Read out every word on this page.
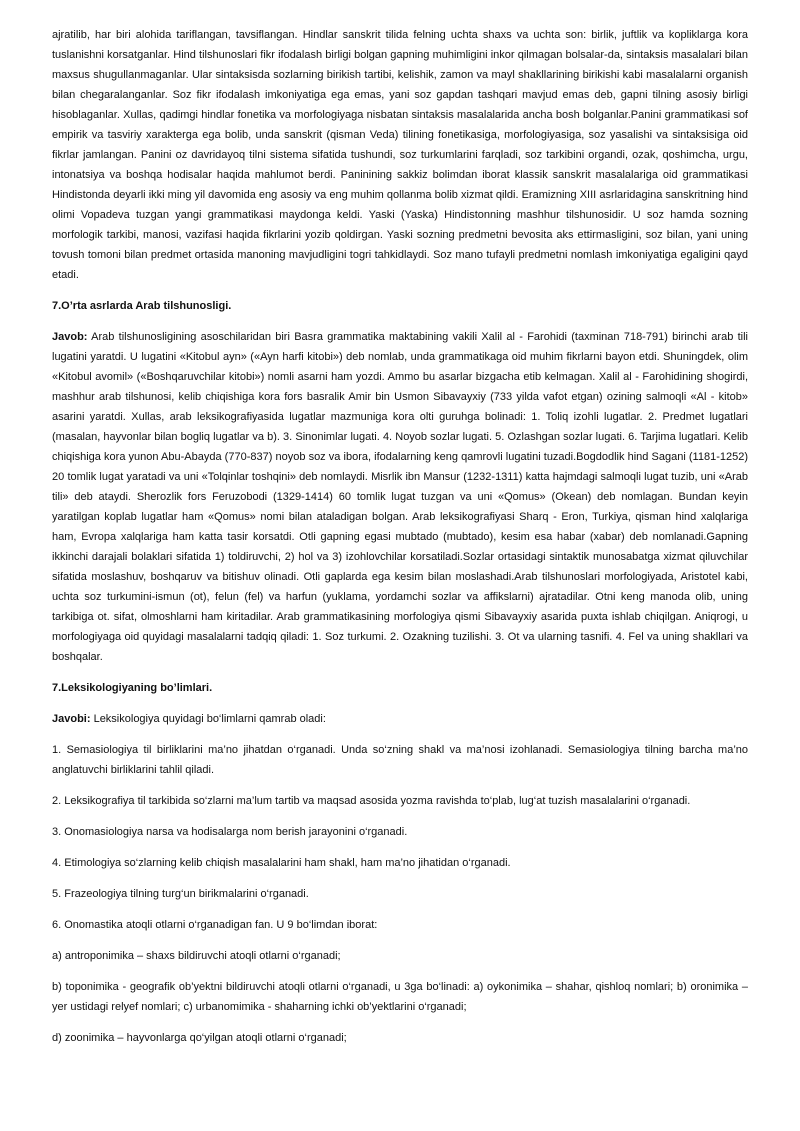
ajratilib, har biri alohida tariflangan, tavsiflangan. Hindlar sanskrit tilida felning uchta shaxs va uchta son: birlik, juftlik va kopliklarga kora tuslanishni korsatganlar. Hind tilshunoslari fikr ifodalash birligi bolgan gapning muhimligini inkor qilmagan bolsalar-da, sintaksis masalalari bilan maxsus shugullanmaganlar. Ular sintaksisda sozlarning birikish tartibi, kelishik, zamon va mayl shakllarining birikishi kabi masalalarni organish bilan chegaralanganlar. Soz fikr ifodalash imkoniyatiga ega emas, yani soz gapdan tashqari mavjud emas deb, gapni tilning asosiy birligi hisoblaganlar. Xullas, qadimgi hindlar fonetika va morfologiyaga nisbatan sintaksis masalalarida ancha bosh bolganlar.Panini grammatikasi sof empirik va tasviriy xarakterga ega bolib, unda sanskrit (qisman Veda) tilining fonetikasiga, morfologiyasiga, soz yasalishi va sintaksisiga oid fikrlar jamlangan. Panini oz davridayoq tilni sistema sifatida tushundi, soz turkumlarini farqladi, soz tarkibini organdi, ozak, qoshimcha, urgu, intonatsiya va boshqa hodisalar haqida mahlumot berdi. Paninining sakkiz bolimdan iborat klassik sanskrit masalalariga oid grammatikasi Hindistonda deyarli ikki ming yil davomida eng asosiy va eng muhim qollanma bolib xizmat qildi. Eramizning XIII asrlaridagina sanskritning hind olimi Vopadeva tuzgan yangi grammatikasi maydonga keldi. Yaski (Yaska) Hindistonning mashhur tilshunosidir. U soz hamda sozning morfologik tarkibi, manosi, vazifasi haqida fikrlarini yozib qoldirgan. Yaski sozning predmetni bevosita aks ettirmasligini, soz bilan, yani uning tovush tomoni bilan predmet ortasida manoning mavjudligini togri tahkidlaydi. Soz mano tufayli predmetni nomlash imkoniyatiga egaligini qayd etadi.

7.O’rta asrlarda Arab tilshunosligi.

Javob: Arab tilshunosligining asoschilaridan biri Basra grammatika maktabining vakili Xalil al - Farohidi (taxminan 718-791) birinchi arab tili lugatini yaratdi. U lugatini «Kitobul ayn» («Ayn harfi kitobi») deb nomlab, unda grammatikaga oid muhim fikrlarni bayon etdi. Shuningdek, olim «Kitobul avomil» («Boshqaruvchilar kitobi») nomli asarni ham yozdi. Ammo bu asarlar bizgacha etib kelmagan. Xalil al - Farohidining shogirdi, mashhur arab tilshunosi, kelib chiqishiga kora fors basralik Amir bin Usmon Sibavayxiy (733 yilda vafot etgan) ozining salmoqli «Al - kitob» asarini yaratdi. Xullas, arab leksikografiyasida lugatlar mazmuniga kora olti guruhga bolinadi: 1. Toliq izohli lugatlar. 2. Predmet lugatlari (masalan, hayvonlar bilan bogliq lugatlar va b). 3. Sinonimlar lugati. 4. Noyob sozlar lugati. 5. Ozlashgan sozlar lugati. 6. Tarjima lugatlari. Kelib chiqishiga kora yunon Abu-Abayda (770-837) noyob soz va ibora, ifodalarning keng qamrovli lugatini tuzadi.Bogdodlik hind Sagani (1181-1252) 20 tomlik lugat yaratadi va uni «Tolqinlar toshqini» deb nomlaydi. Misrlik ibn Mansur (1232-1311) katta hajmdagi salmoqli lugat tuzib, uni «Arab tili» deb ataydi. Sherozlik fors Feruzobodi (1329-1414) 60 tomlik lugat tuzgan va uni «Qomus» (Okean) deb nomlagan. Bundan keyin yaratilgan koplab lugatlar ham «Qomus» nomi bilan ataladigan bolgan. Arab leksikografiyasi Sharq - Eron, Turkiya, qisman hind xalqlariga ham, Evropa xalqlariga ham katta tasir korsatdi. Otli gapning egasi mubtado (mubtado), kesim esa habar (xabar) deb nomlanadi.Gapning ikkinchi darajali bolaklari sifatida 1) toldiruvchi, 2) hol va 3) izohlovchilar korsatiladi.Sozlar ortasidagi sintaktik munosabatga xizmat qiluvchilar sifatida moslashuv, boshqaruv va bitishuv olinadi. Otli gaplarda ega kesim bilan moslashadi.Arab tilshunoslari morfologiyada, Aristotel kabi, uchta soz turkumini-ismun (ot), felun (fel) va harfun (yuklama, yordamchi sozlar va affikslarni) ajratadilar. Otni keng manoda olib, uning tarkibiga ot. sifat, olmoshlarni ham kiritadilar. Arab grammatikasining morfologiya qismi Sibavayxiy asarida puxta ishlab chiqilgan. Aniqrogi, u morfologiyaga oid quyidagi masalalarni tadqiq qiladi: 1. Soz turkumi. 2. Ozakning tuzilishi. 3. Ot va ularning tasnifi. 4. Fel va uning shakllari va boshqalar.

7.Leksikologiyaning bo’limlari.

Javobi: Leksikologiya quyidagi bo‘limlarni qamrab oladi:

1. Semasiologiya til birliklarini ma’no jihatdan o‘rganadi. Unda so‘zning shakl va ma’nosi izohlanadi. Semasiologiya tilning barcha ma’no anglatuvchi birliklarini tahlil qiladi.

2. Leksikografiya til tarkibida so‘zlarni ma’lum tartib va maqsad asosida yozma ravishda to‘plab, lug‘at tuzish masalalarini o‘rganadi.

3. Onomasiologiya narsa va hodisalarga nom berish jarayonini o‘rganadi.

4. Etimologiya so‘zlarning kelib chiqish masalalarini ham shakl, ham ma’no jihatidan o‘rganadi.

5. Frazeologiya tilning turg‘un birikmalarini o‘rganadi.

6. Onomastika atoqli otlarni o‘rganadigan fan. U 9 bo‘limdan iborat:

a) antroponimika – shaxs bildiruvchi atoqli otlarni o‘rganadi;

b) toponimika - geografik ob’yektni bildiruvchi atoqli otlarni o‘rganadi, u 3ga bo‘linadi: a) oykonimika – shahar, qishloq nomlari; b) oronimika – yer ustidagi relyef nomlari; c) urbanomimika - shaharning ichki ob’yektlarini o‘rganadi;

d) zoonimika – hayvonlarga qo‘yilgan atoqli otlarni o‘rganadi;
